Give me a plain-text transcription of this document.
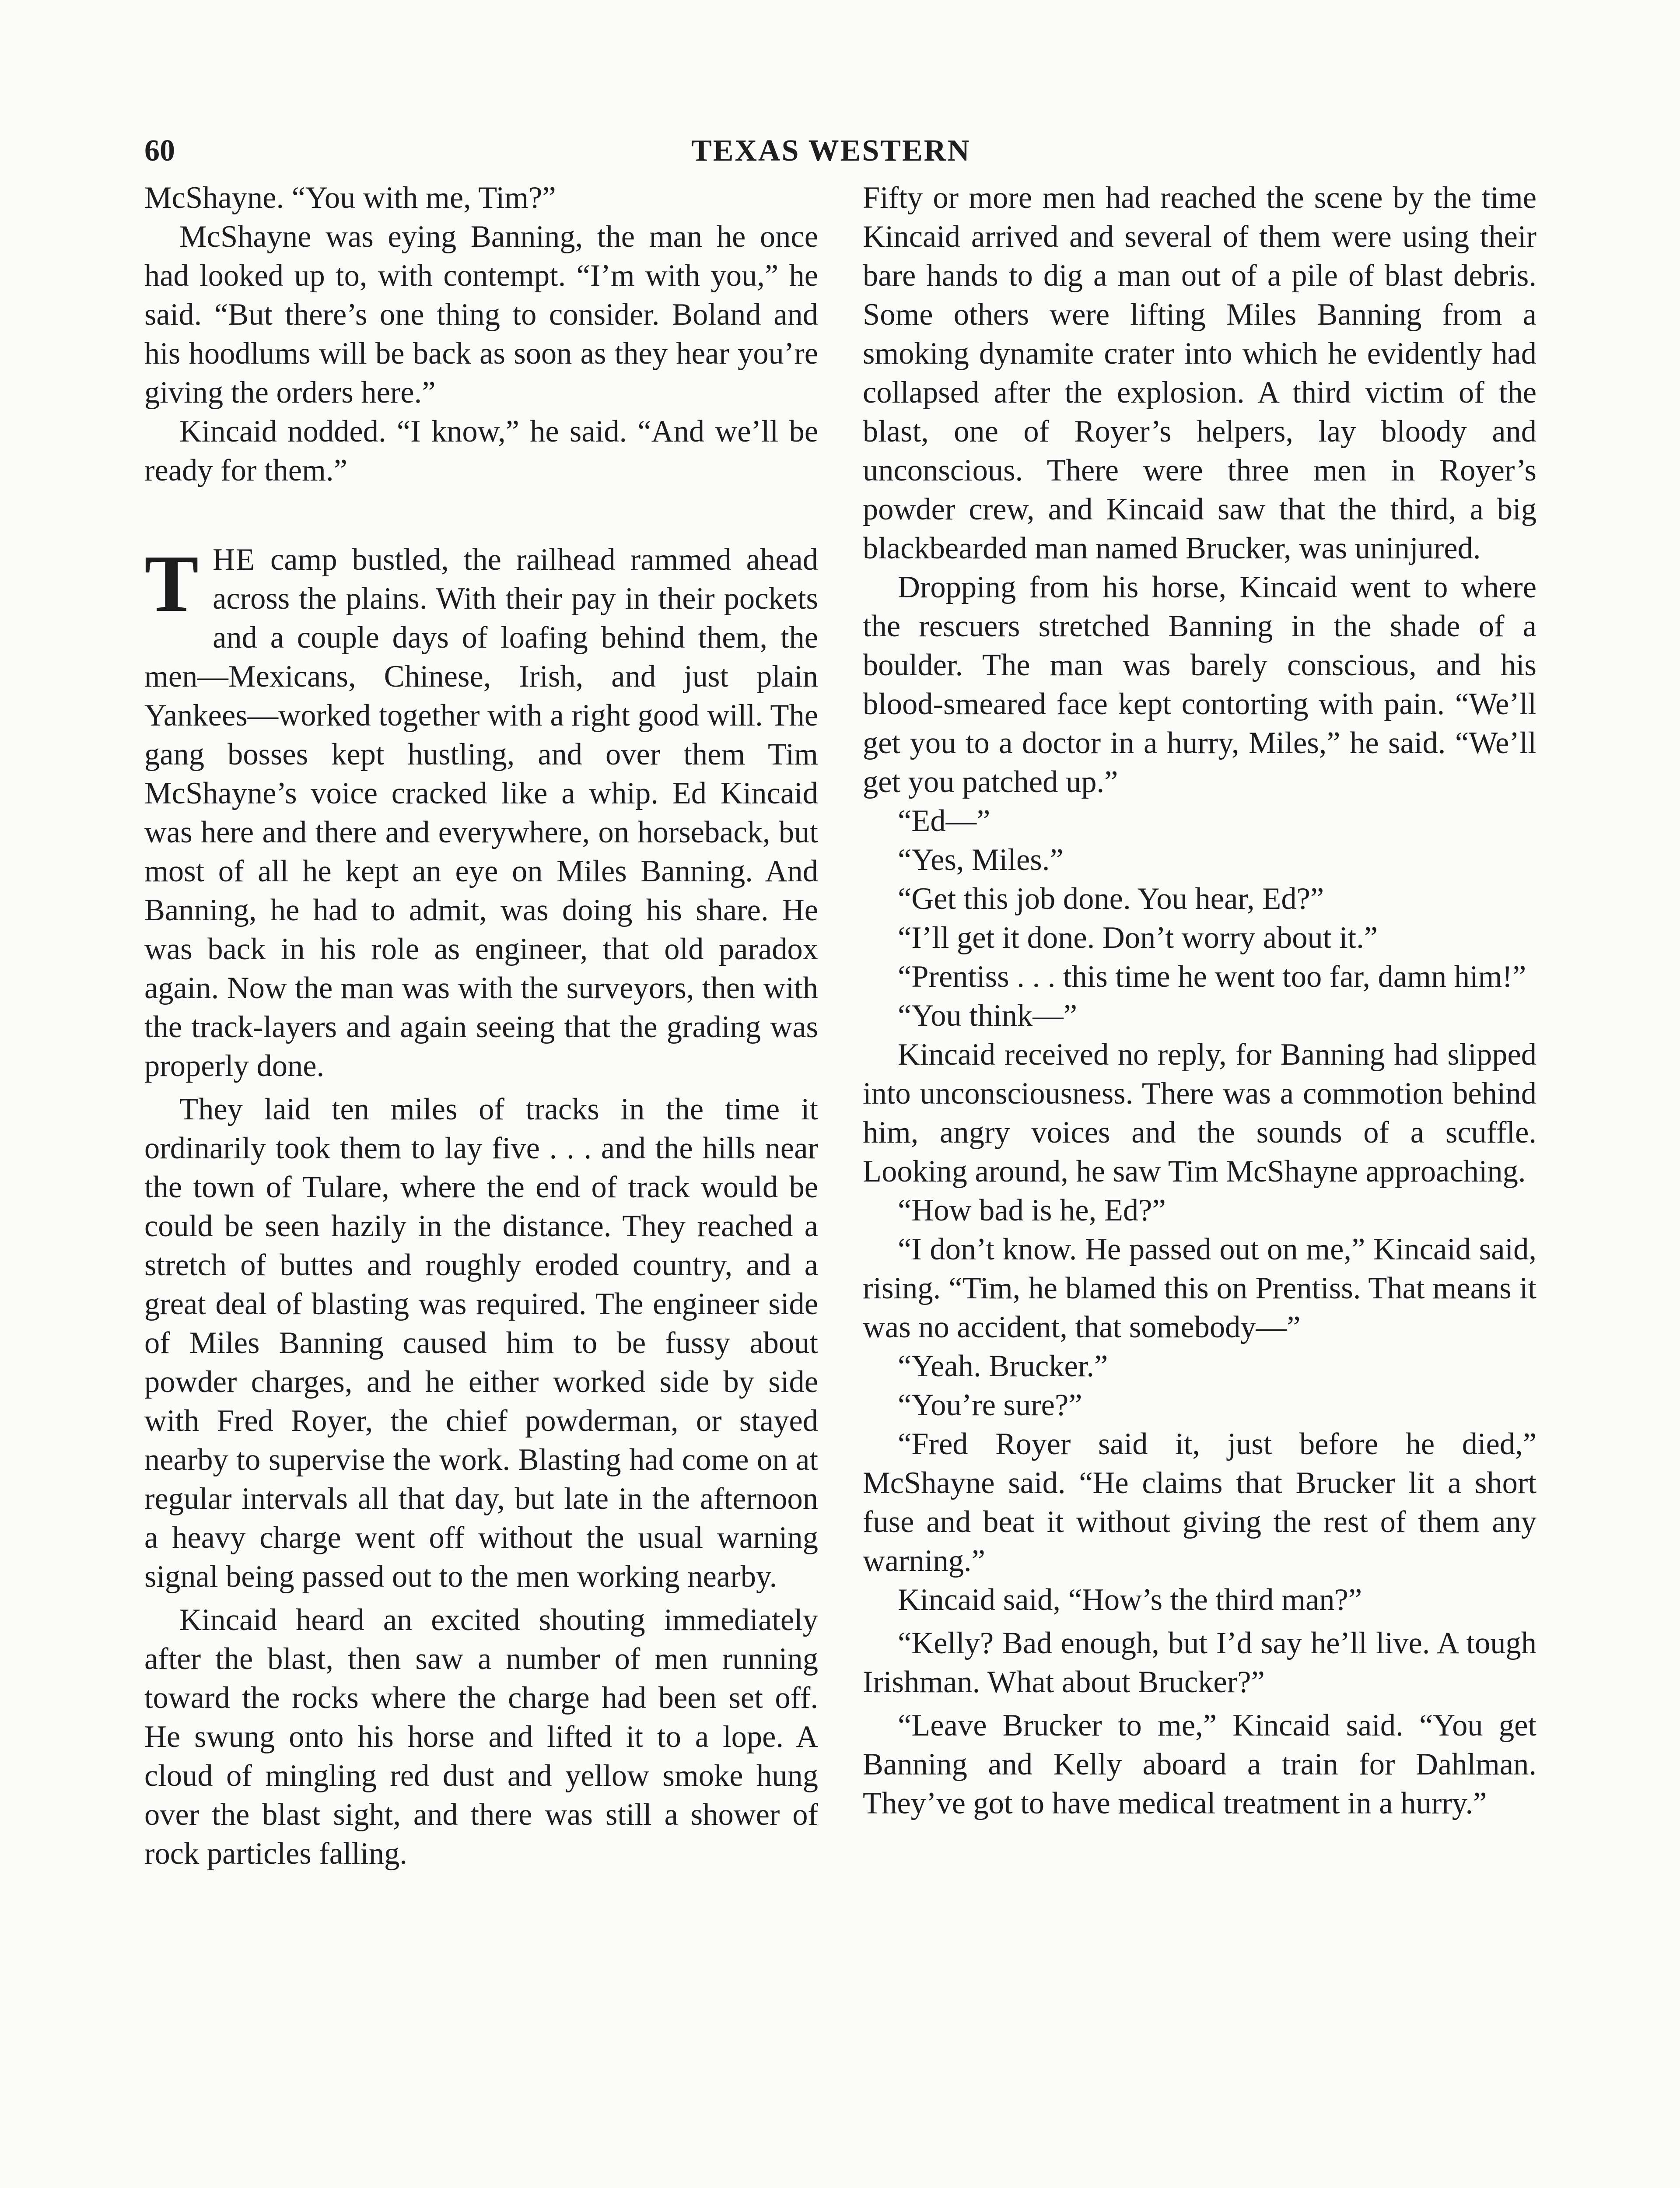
60	TEXAS WESTERN

McShayne. “You with me, Tim?”

McShayne was eying Banning, the man he once had looked up to, with contempt. “I’m with you,” he said. “But there’s one thing to consider. Boland and his hoodlums will be back as soon as they hear you’re giving the orders here.”

Kincaid nodded. “I know,” he said. “And we’ll be ready for them.”

THE camp bustled, the railhead rammed ahead across the plains. With their pay in their pockets and a couple days of loafing behind them, the men—Mexicans, Chinese, Irish, and just plain Yankees—worked together with a right good will. The gang bosses kept hustling, and over them Tim McShayne’s voice cracked like a whip. Ed Kincaid was here and there and everywhere, on horseback, but most of all he kept an eye on Miles Banning. And Banning, he had to admit, was doing his share. He was back in his role as engineer, that old paradox again. Now the man was with the surveyors, then with the track-layers and again seeing that the grading was properly done.

They laid ten miles of tracks in the time it ordinarily took them to lay five . . . and the hills near the town of Tulare, where the end of track would be could be seen hazily in the distance. They reached a stretch of buttes and roughly eroded country, and a great deal of blasting was required. The engineer side of Miles Banning caused him to be fussy about powder charges, and he either worked side by side with Fred Royer, the chief powderman, or stayed nearby to supervise the work. Blasting had come on at regular intervals all that day, but late in the afternoon a heavy charge went off without the usual warning signal being passed out to the men working nearby.

Kincaid heard an excited shouting immediately after the blast, then saw a number of men running toward the rocks where the charge had been set off. He swung onto his horse and lifted it to a lope. A cloud of mingling red dust and yellow smoke hung over the blast sight, and there was still a shower of rock particles falling.

Fifty or more men had reached the scene by the time Kincaid arrived and several of them were using their bare hands to dig a man out of a pile of blast debris. Some others were lifting Miles Banning from a smoking dynamite crater into which he evidently had collapsed after the explosion. A third victim of the blast, one of Royer’s helpers, lay bloody and unconscious. There were three men in Royer’s powder crew, and Kincaid saw that the third, a big blackbearded man named Brucker, was uninjured.

Dropping from his horse, Kincaid went to where the rescuers stretched Banning in the shade of a boulder. The man was barely conscious, and his blood-smeared face kept contorting with pain. “We’ll get you to a doctor in a hurry, Miles,” he said. “We’ll get you patched up.”

“Ed—”

“Yes, Miles.”

“Get this job done. You hear, Ed?”

“I’ll get it done. Don’t worry about it.”

“Prentiss . . . this time he went too far, damn him!”

“You think—”

Kincaid received no reply, for Banning had slipped into unconsciousness. There was a commotion behind him, angry voices and the sounds of a scuffle. Looking around, he saw Tim McShayne approaching.

“How bad is he, Ed?”

“I don’t know. He passed out on me,” Kincaid said, rising. “Tim, he blamed this on Prentiss. That means it was no accident, that somebody—”

“Yeah. Brucker.”

“You’re sure?”

“Fred Royer said it, just before he died,” McShayne said. “He claims that Brucker lit a short fuse and beat it without giving the rest of them any warning.”

Kincaid said, “How’s the third man?”

“Kelly? Bad enough, but I’d say he’ll live. A tough Irishman. What about Brucker?”

“Leave Brucker to me,” Kincaid said. “You get Banning and Kelly aboard a train for Dahlman. They’ve got to have medical treatment in a hurry.”
